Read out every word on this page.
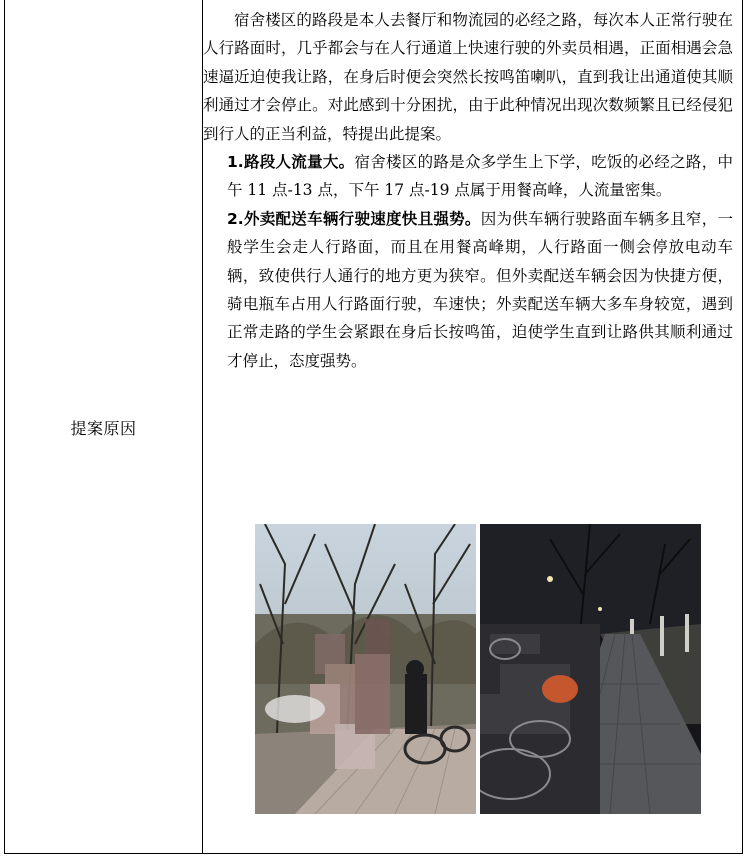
提案原因

宿舍楼区的路段是本人去餐厅和物流园的必经之路，每次本人正常行驶在人行路面时，几乎都会与在人行通道上快速行驶的外卖员相遇，正面相遇会急速逼近迫使我让路，在身后时便会突然长按鸣笛喇叭，直到我让出通道使其顺利通过才会停止。对此感到十分困扰，由于此种情况出现次数频繁且已经侵犯到行人的正当利益，特提出此提案。

1.路段人流量大。宿舍楼区的路是众多学生上下学，吃饭的必经之路，中午 11 点-13 点，下午 17 点-19 点属于用餐高峰，人流量密集。

2.外卖配送车辆行驶速度快且强势。因为供车辆行驶路面车辆多且窄，一般学生会走人行路面，而且在用餐高峰期，人行路面一侧会停放电动车辆，致使供行人通行的地方更为狭窄。但外卖配送车辆会因为快捷方便，骑电瓶车占用人行路面行驶，车速快；外卖配送车辆大多车身较宽，遇到正常走路的学生会紧跟在身后长按鸣笛，迫使学生直到让路供其顺利通过才停止，态度强势。
